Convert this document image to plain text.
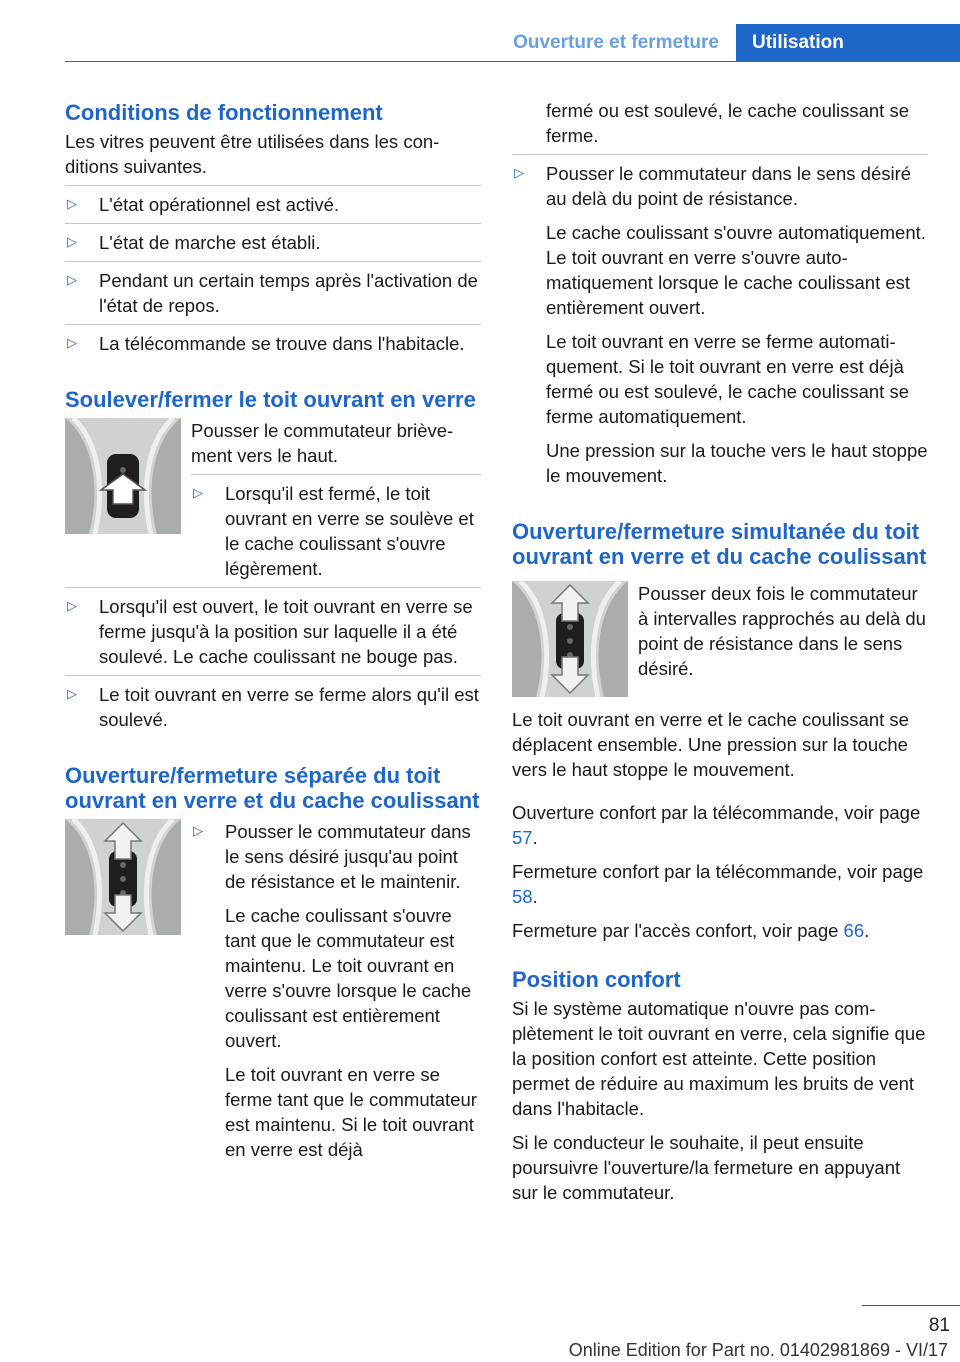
Ouverture et fermeture	Utilisation
Conditions de fonctionnement

Les vitres peuvent être utilisées dans les conditions suivantes.

▷ L'état opérationnel est activé.
▷ L'état de marche est établi.
▷ Pendant un certain temps après l'activation de l'état de repos.
▷ La télécommande se trouve dans l'habitacle.
Soulever/fermer le toit ouvrant en verre

Pousser le commutateur brièvement vers le haut.

▷ Lorsqu'il est fermé, le toit ouvrant en verre se soulève et le cache coulissant s'ouvre légèrement.
▷ Lorsqu'il est ouvert, le toit ouvrant en verre se ferme jusqu'à la position sur laquelle il a été soulevé. Le cache coulissant ne bouge pas.
▷ Le toit ouvrant en verre se ferme alors qu'il est soulevé.
Ouverture/fermeture séparée du toit ouvrant en verre et du cache coulissant
▷ Pousser le commutateur dans le sens désiré jusqu'au point de résistance et le maintenir.

Le cache coulissant s'ouvre tant que le commutateur est maintenu. Le toit ouvrant en verre s'ouvre lorsque le cache coulissant est entièrement ouvert.

Le toit ouvrant en verre se ferme tant que le commutateur est maintenu. Si le toit ouvrant en verre est déjà

fermé ou est soulevé, le cache coulissant se ferme.

▷ Pousser le commutateur dans le sens désiré au delà du point de résistance.

Le cache coulissant s'ouvre automatiquement. Le toit ouvrant en verre s'ouvre automatiquement lorsque le cache coulissant est entièrement ouvert.

Le toit ouvrant en verre se ferme automatiquement. Si le toit ouvrant en verre est déjà fermé ou est soulevé, le cache coulissant se ferme automatiquement.

Une pression sur la touche vers le haut stoppe le mouvement.

Ouverture/fermeture simultanée du toit ouvrant en verre et du cache coulissant

Pousser deux fois le commutateur à intervalles rapprochés au delà du point de résistance dans le sens désiré.

Le toit ouvrant en verre et le cache coulissant se déplacent ensemble. Une pression sur la touche vers le haut stoppe le mouvement.

Ouverture confort par la télécommande, voir page 57.

Fermeture confort par la télécommande, voir page 58.

Fermeture par l'accès confort, voir page 66.

Position confort

Si le système automatique n'ouvre pas complètement le toit ouvrant en verre, cela signifie que la position confort est atteinte. Cette position permet de réduire au maximum les bruits de vent dans l'habitacle.

Si le conducteur le souhaite, il peut ensuite poursuivre l'ouverture/la fermeture en appuyant sur le commutateur.

81
Online Edition for Part no. 01402981869 - VI/17
